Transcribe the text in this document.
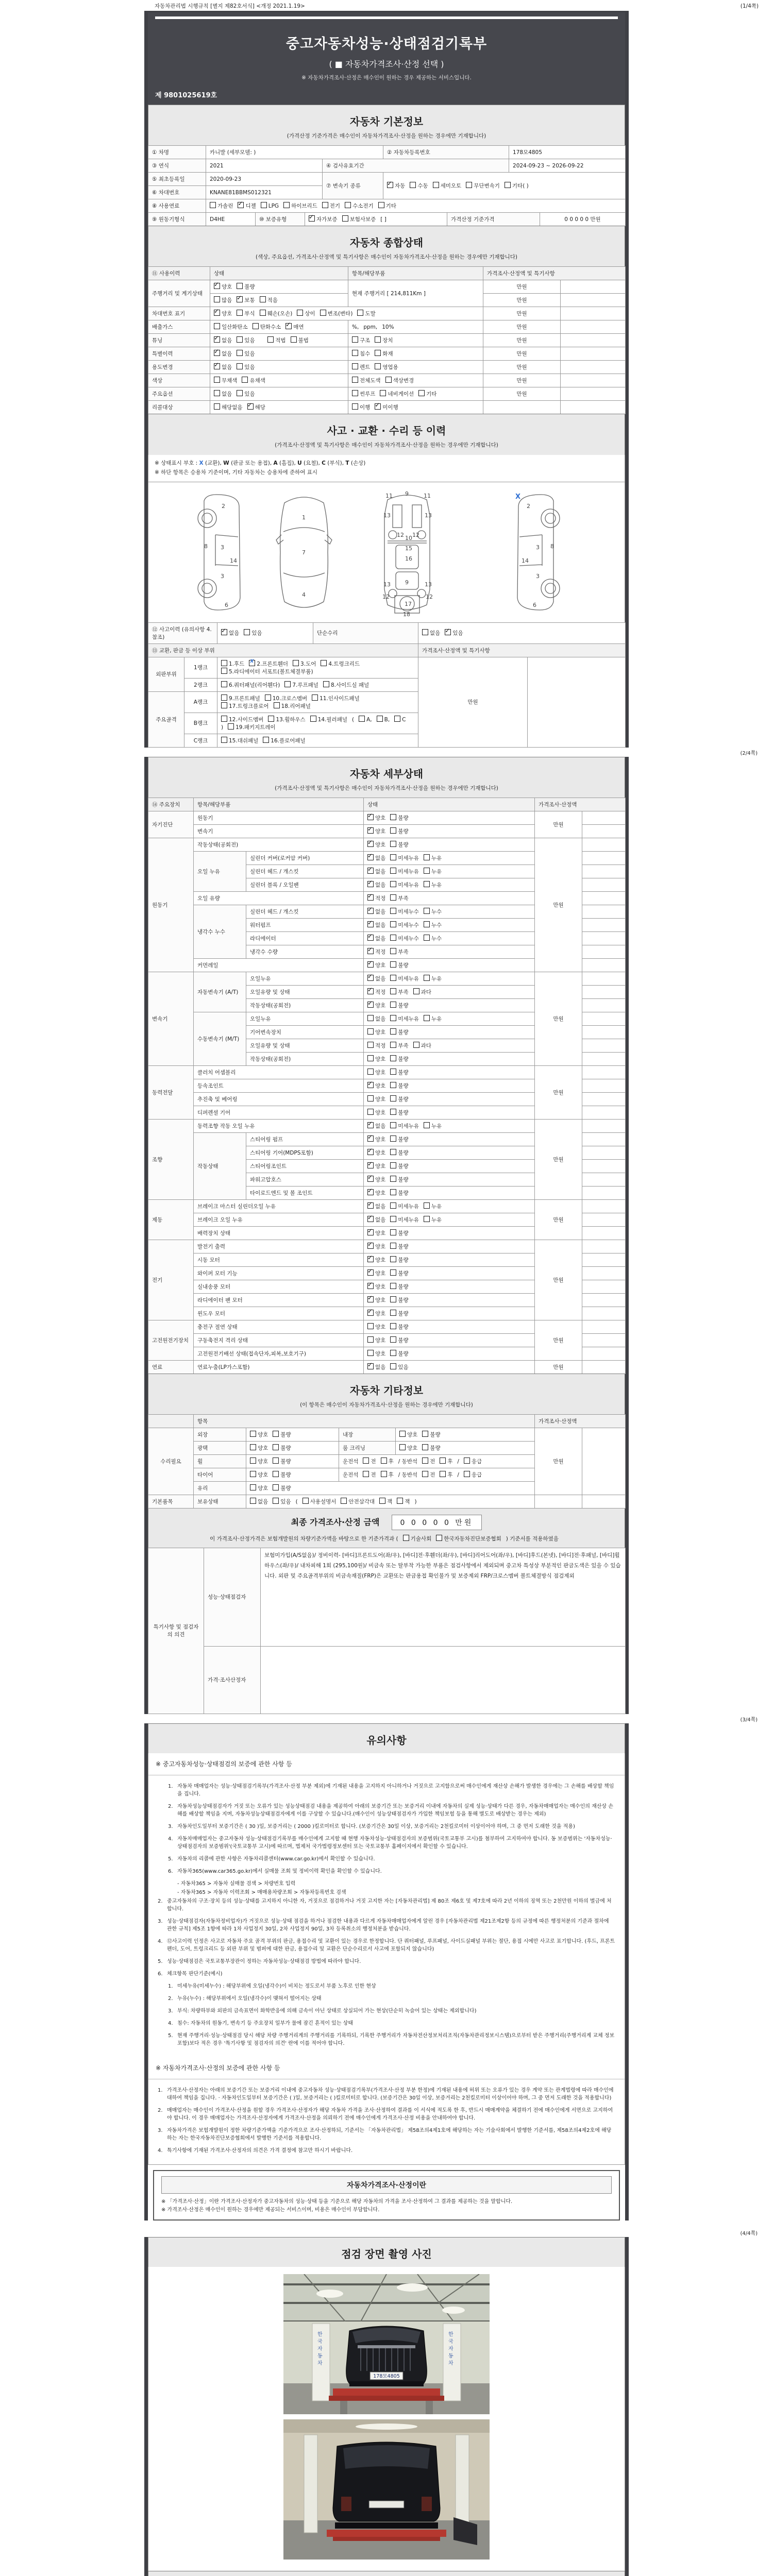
자동차관리법 시행규칙 [별지 제82호서식] <개정 2021.1.19>	(1/4쪽)
중고자동차성능·상태점검기록부
( ■ 자동차가격조사·산정 선택 )
※ 자동차가격조사·산정은 매수인이 원하는 경우 제공하는 서비스입니다.
제 9801025619호
자동차 기본정보
(가격산정 기준가격은 매수인이 자동차가격조사·산정을 원하는 경우에만 기재합니다)
① 차명	카니발 (세부모델: )		② 자동차등록번호	178모4805
③ 연식	2021	④ 검사유효기간		2024-09-23 ~ 2026-09-22
⑤ 최초등록일	2020-09-23	⑦ 변속기 종류	✓자동 수동 세미오토 무단변속기 기타( )
⑥ 차대번호	KNANE81BBMS012321			
⑧ 사용연료	가솔린 ✓ 디젤 LPG 하이브리드 전기 수소전기 기타
⑨ 원동기형식	D4HE	⑩ 보증유형	✓자가보증 보험사보증 [ ]	가격산정 기준가격	0 0 0 0 0 만원
자동차 종합상태
(색상, 주요옵션, 가격조사·산정액 및 특기사항은 매수인이 자동차가격조사·산정을 원하는 경우에만 기재합니다)
⑪ 사용이력	상태	항목/해당부품	가격조사·산정액 및 특기사항	
주행거리 및 계기상태	✓양호 불량	현재 주행거리 [ 214,811Km ]	만원	
	많음 ✓ 보통 적음		만원	
차대번호 표기	✓양호 부식 훼손(오손) 상이 변조(변타) 도말		만원	
배출가스	일산화탄소 탄화수소 ✓ 매연	%, ppm, 10%	만원	
튜닝	✓없음 있음 적법 불법	구조 장치	만원	
특별이력	✓없음 있음	침수 화재	만원	
용도변경	✓없음 있음	렌트 영업용	만원	
색상	무채색 유채색	전체도색 색상변경	만원	
주요옵션	없음 있음	썬루프 네비게이션 기타	만원	
리콜대상	해당없음 ✓ 해당	이행 ✓ 미이행		
사고 · 교환 · 수리 등 이력
(가격조사·산정액 및 특기사항은 매수인이 자동차가격조사·산정을 원하는 경우에만 기재합니다)
※ 상태표시 부호 : X (교환), W (판금 또는 용접), A (흠집), U (요철), C (부식), T (손상)
※ 하단 항목은 승용차 기준이며, 기타 자동차는 승용차에 준하여 표시
2
8 3
14
3
6
1
7
4
11	11
9
13	13
12 12
10
15
16
13	13
9
12	12
17
18
3 8
14
3
6
2
X
⑫ 사고이력 (유의사항 4.참조)	✓없음 있음	단순수리	없음 ✓ 있음
⑬ 교환, 판금 등 이상 부위				가격조사·산정액 및 특기사항	
외판부위	1랭크	1.후드 X 2.프론트휀더 3.도어 4.트렁크리드5.라디에이터 서포트(볼트체결부품)		만원	
	2랭크	6.쿼터패널(리어휀다) 7.루프패널 8.사이드실 패널			
주요골격	A랭크	9.프론트패널 10.크로스멤버 11.인사이드패널17.트렁크플로어 18.리어패널			
	B랭크	12.사이드멤버 13.휠하우스 14.필러패널 ( A, B, C) 19.패키지트레이			
	C랭크	15.대쉬패널 16.플로어패널			
(2/4쪽)
자동차 세부상태
(가격조사·산정액 및 특기사항은 매수인이 자동차가격조사·산정을 원하는 경우에만 기재합니다)
⑭ 주요장치	항목/해당부품		상태	가격조사·산정액	
자기진단	원동기	✓양호 불량	만원	
	변속기	✓양호 불량	
원동기	작동상태(공회전)	✓양호 불량	만원	
	오일 누유	실린더 커버(로커암 커버)	✓없음 미세누유 누유	
		실린더 헤드 / 개스킷	✓없음 미세누유 누유	
		실린더 블록 / 오일팬	✓없음 미세누유 누유	
	오일 유량	✓적정 부족	
	냉각수 누수	실린더 헤드 / 개스킷	✓없음 미세누수 누수	
		워터펌프	✓없음 미세누수 누수	
		라디에이터	✓없음 미세누수 누수	
		냉각수 수량	✓적정 부족	
	커먼레일	✓양호 불량	
변속기	자동변속기 (A/T)	오일누유	✓없음 미세누유 누유	만원	
		오일유량 및 상태	✓적정 부족 과다	
		작동상태(공회전)	✓양호 불량	
	수동변속기 (M/T)	오일누유	없음 미세누유 누유		
		기어변속장치	양호 불량		
		오일유량 및 상태	적정 부족 과다		
		작동상태(공회전)	양호 불량		
동력전달	클러치 어셈블리		양호 불량	만원	
	등속조인트	✓양호 불량	
	추진축 및 베어링		양호 불량		
	디퍼렌셜 기어		양호 불량		
조향	동력조향 작동 오일 누유	✓없음 미세누유 누유	만원	
	작동상태	스티어링 펌프	✓양호 불량	
		스티어링 기어(MDPS포함)	✓양호 불량	
		스티어링조인트	✓양호 불량	
		파워고압호스	✓양호 불량	
		타이로드엔드 및 볼 조인트	✓양호 불량	
제동	브레이크 마스터 실린더오일 누유	✓없음 미세누유 누유	만원	
	브레이크 오일 누유	✓없음 미세누유 누유	
	배력장치 상태	✓양호 불량	
전기	발전기 출력	✓양호 불량	만원	
	시동 모터	✓양호 불량	
	와이퍼 모터 기능	✓양호 불량	
	실내송풍 모터	✓양호 불량	
	라디에이터 팬 모터	✓양호 불량	
	윈도우 모터	✓양호 불량	
고전원전기장치	충전구 절연 상태		양호 불량	만원	
	구동축전지 격리 상태		양호 불량		
	고전원전기배선 상태(접속단자,피복,보호기구)		양호 불량		
연료	연료누출(LP가스포함)	✓없음 있음	만원	
자동차 기타정보
(이 항목은 매수인이 자동차가격조사·산정을 원하는 경우에만 기재합니다)
	항목				가격조사·산정액	
수리필요	외장	양호 불량	내장	양호 불량	만원	
	광택	양호 불량	룸 크리닝	양호 불량		
	휠	양호 불량	운전석 전 후 / 동반석 전 후 / 응급			
	타이어	양호 불량	운전석 전 후 / 동반석 전 후 / 응급			
	유리	양호 불량				
기본품목	보유상태	없음 있음 ( 사용설명서 안전삼각대 잭 잭 )				
최종 가격조사·산정 금액	0 0 0 0 0 만원
이 가격조사·산정가격은 보험개발원의 차량기준가액을 바탕으로 한 기준가격과 ( 기술사회 한국자동차진단보증협회 ) 기준서를 적용하였음
특기사항 및 점검자의 의견	성능·상태점검자	보험미가입(A/S없음)/ 정비이력- [바디]프론트도어(좌/우), [바디]전·후휀더(좌/우), [바디]리어도어(좌/우), [바디]후드(본넷), [바디]전·후패널, [바디]휠하우스(좌/우)/ 내차피해 1회 (295,100원)/ 비금속 또는 탈부착 가능한 부품은 점검사항에서 제외되며 중고차 특성상 부분적인 판금도색은 있을 수 있습니다. 외판 및 주요골격부위의 비금속재질(FRP)은 교환또는 판금용접 확인불가 및 보증제외 FRP/크로스멤버 볼트체결방식 점검제외
	가격·조사산정자	
(3/4쪽)
유의사항
※ 중고자동차성능·상태점검의 보증에 관한 사항 등
1. 자동차 매매업자는 성능·상태점검기록부(가격조사·산정 부분 제외)에 기재된 내용을 고지하지 아니하거나 거짓으로 고지함으로써 매수인에게 재산상 손해가 발생한 경우에는 그 손해를 배상할 책임을 집니다.
2. 자동차성능상태점검자가 거짓 또는 오류가 있는 성능상태점검 내용을 제공하여 아래의 보증기간 또는 보증거리 이내에 자동차의 실제 성능·상태가 다른 경우, 자동차매매업자는 매수인의 재산상 손해를 배상할 책임을 지며, 자동차성능상태점검자에게 이를 구상할 수 있습니다.(매수인이 성능상태점검자가 가입한 책임보험 등을 통해 별도로 배상받는 경우는 제외)
3. 자동차인도일부터 보증기간은 ( 30 )일, 보증거리는 ( 2000 )킬로미터로 합니다. (보증기간은 30일 이상, 보증거리는 2천킬로미터 이상이어야 하며, 그 중 먼저 도래한 것을 적용)
4. 자동차매매업자는 중고자동차 성능·상태점검기록부를 매수인에게 고지할 때 현행 자동차성능·상태점검자의 보증범위(국토교통부 고시)를 첨부하여 고지하여야 합니다. 동 보증범위는 '자동차성능·상태점검자의 보증범위'(국토교통부 고시)에 따르며, 법제처 국가법령정보센터 또는 국토교통부 홈페이지에서 확인할 수 있습니다.
5. 자동차의 리콜에 관한 사항은 자동차리콜센터(www.car.go.kr)에서 확인할 수 있습니다.
6. 자동차365(www.car365.go.kr)에서 실매물 조회 및 정비이력 확인을 확인할 수 있습니다.
- 자동차365 > 자동차 실매물 검색 > 차량번호 입력
- 자동차365 > 자동차 이력조회 > 매매용차량조회 > 자동차등록번호 검색
2. 중고자동차의 구조·장치 등의 성능·상태를 고지하지 아니한 자, 거짓으로 점검하거나 거짓 고지한 자는 [자동차관리법] 제 80조 제6호 및 제7호에 따라 2년 이하의 징역 또는 2천만원 이하의 벌금에 처합니다.
3. 성능·상태점검자(자동차정비업자)가 거짓으로 성능·상태 점검을 하거나 점검한 내용과 다르게 자동차매매업자에게 알린 경우 [자동차관리법 제21조제2항 등의 규정에 따른 행정처분의 기준과 절차에 관한 규칙] 제5조 1항에 따라 1차 사업정지 30일, 2차 사업정지 90일, 3차 등록취소의 행정처분을 받습니다.
4. ⑫사고이력 인정은 사고로 자동차 주요 골격 부위의 판금, 용접수리 및 교환이 있는 경우로 한정합니다. 단 쿼터패널, 루프패널, 사이드실패널 부위는 절단, 용접 시에만 사고로 표기합니다. (후드, 프론트펜더, 도어, 트렁크리드 등 외판 부위 및 범퍼에 대한 판금, 용접수리 및 교환은 단순수리로서 사고에 포함되지 않습니다)
5. 성능·상태점검은 국토교통부장관이 정하는 자동차성능·상태점검 방법에 따라야 합니다.
6. 체크항목 판단기준(예시)
1. 미세누유(미세누수) : 해당부위에 오일(냉각수)이 비치는 정도로서 부품 노후로 인한 현상
2. 누유(누수) : 해당부위에서 오일(냉각수)이 맺혀서 떨어지는 상태
3. 부식: 차량하부와 외판의 금속표면이 화학반응에 의해 금속이 아닌 상태로 상실되어 가는 현상(단순히 녹슬어 있는 상태는 제외합니다)
4. 침수: 자동차의 원동기, 변속기 등 주요장치 일부가 물에 잠긴 흔적이 있는 상태
5. 현재 주행거리·성능·상태점검 당시 해당 차량 주행거리계의 주행거리를 기록하되, 기록한 주행거리가 자동차전산정보처리조직(자동차관리정보시스템)으로부터 받은 주행거리(주행거리계 교체 정보 포함)보다 적은 경우 '특기사항 및 점검자의 의견' 란에 이를 적어야 합니다.
※ 자동차가격조사·산정의 보증에 관한 사항 등
1. 가격조사·산정자는 아래의 보증기간 또는 보증거리 이내에 중고자동차 성능·상태점검기록부(가격조사·산정 부분 한정)에 기재된 내용에 허위 또는 오류가 있는 경우 계약 또는 관계법령에 따라 매수인에 대하여 책임을 집니다. · 자동차인도일부터 보증기간은 ( )일, 보증거리는 ( )킬로미터로 합니다. (보증기간은 30일 이상, 보증거리는 2천킬로미터 이상이어야 하며, 그 중 먼저 도래한 것을 적용합니다)
2. 매매업자는 매수인이 가격조사·산정을 원할 경우 가격조사·산정자가 해당 자동차 가격을 조사·산정하여 결과를 이 서식에 적도록 한 후, 반드시 매매계약을 체결하기 전에 매수인에게 서면으로 고지하여야 합니다. 이 경우 매매업자는 가격조사·산정자에게 가격조사·산정을 의뢰하기 전에 매수인에게 가격조사·산정 비용을 안내하여야 합니다.
3. 자동차가격은 보험개발원이 정한 차량기준가액을 기준가격으로 조사·산정하되, 기준서는 「자동차관리법」 제58조의4제1호에 해당하는 자는 기술사회에서 발행한 기준서를, 제58조의4제2호에 해당하는 자는 한국자동차진단보증협회에서 발행한 기준서를 적용합니다.
4. 특기사항에 기재된 가격조사·산정자의 의견은 가격 결정에 참고만 하시기 바랍니다.
자동차가격조사·산정이란
※ 「가격조사·산정」이란 가격조사·산정자가 중고자동차의 성능·상태 등을 기준으로 해당 자동차의 가격을 조사·산정하여 그 결과를 제공하는 것을 말합니다.
※ 가격조사·산정은 매수인이 원하는 경우에만 제공되는 서비스이며, 비용은 매수인이 부담합니다.
(4/4쪽)
점검 장면 촬영 사진
한
국
자
동
차
한
국
자
동
차
178모4805
